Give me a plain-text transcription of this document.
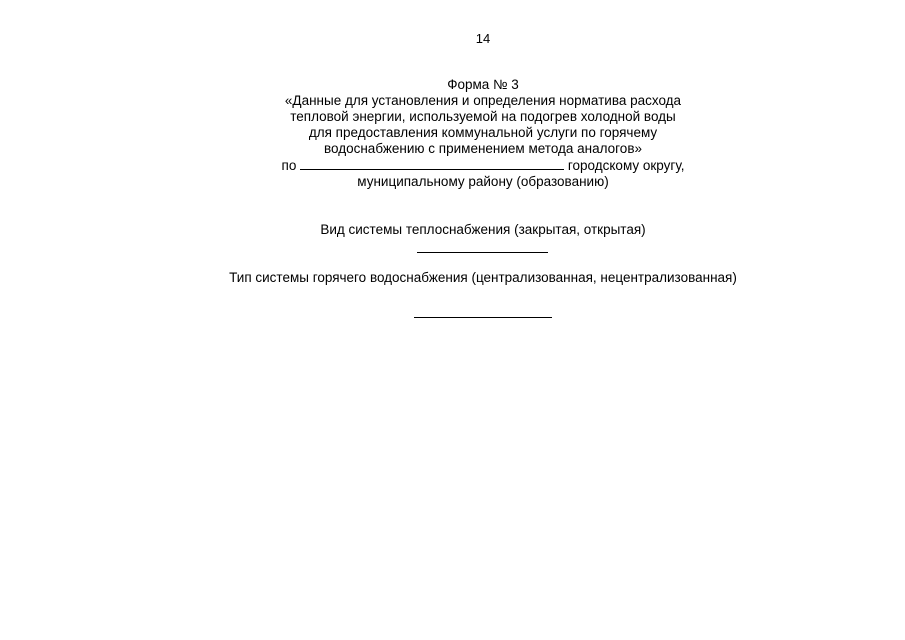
14

Форма № 3

«Данные для установления и определения норматива расхода

тепловой энергии, используемой на подогрев холодной воды

для предоставления коммунальной услуги по горячему

водоснабжению с применением метода аналогов»

по	городскому округу,

муниципальному району (образованию)

Вид системы теплоснабжения (закрытая, открытая)

Тип системы горячего водоснабжения (централизованная, нецентрализованная)
